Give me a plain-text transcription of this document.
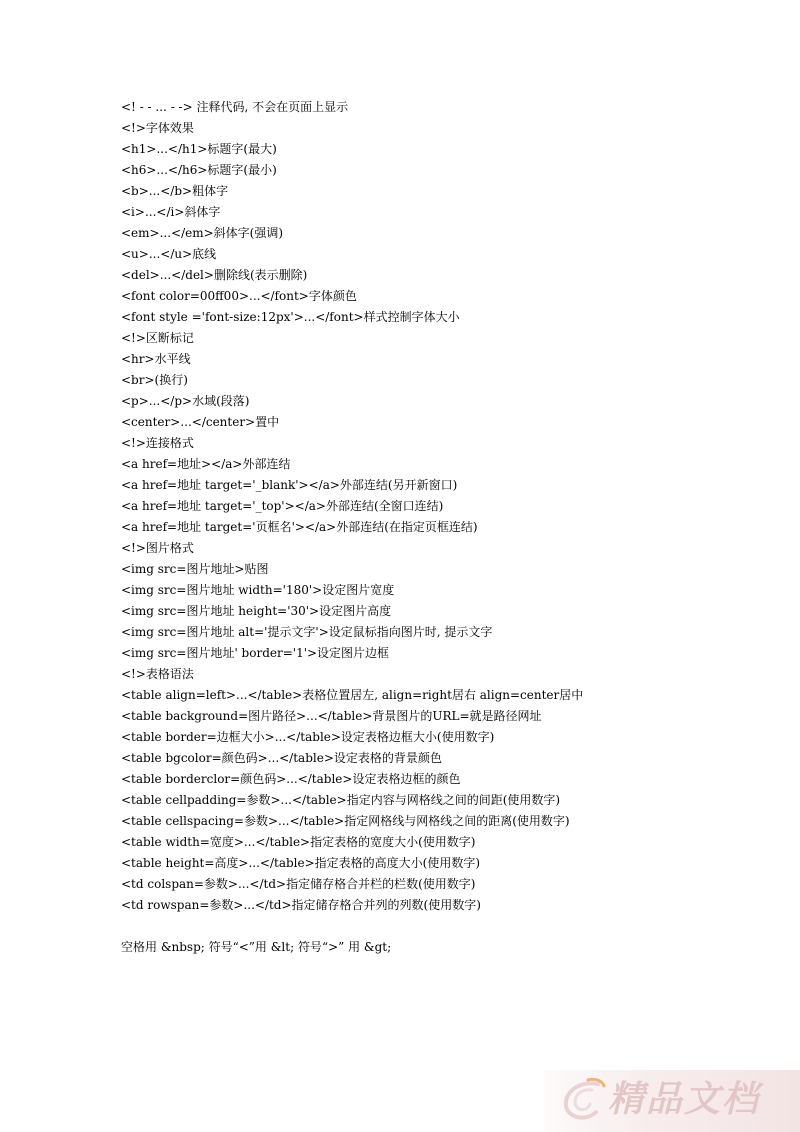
<! - - ... - -> 注释代码, 不会在页面上显示
<!>字体效果
<h1>...</h1>标题字(最大)
<h6>...</h6>标题字(最小)
<b>...</b>粗体字
<i>...</i>斜体字
<em>...</em>斜体字(强调)
<u>...</u>底线
<del>...</del>删除线(表示删除)
<font color=00ff00>...</font>字体颜色
<font style ='font-size:12px'>...</font>样式控制字体大小
<!>区断标记
<hr>水平线
<br>(换行)
<p>...</p>水域(段落)
<center>...</center>置中
<!>连接格式
<a href=地址></a>外部连结
<a href=地址 target='_blank'></a>外部连结(另开新窗口)
<a href=地址 target='_top'></a>外部连结(全窗口连结)
<a href=地址 target='页框名'></a>外部连结(在指定页框连结)
<!>图片格式
<img src=图片地址>贴图
<img src=图片地址 width='180'>设定图片宽度
<img src=图片地址 height='30'>设定图片高度
<img src=图片地址 alt='提示文字'>设定鼠标指向图片时, 提示文字
<img src=图片地址' border='1'>设定图片边框
<!>表格语法
<table align=left>...</table>表格位置居左, align=right居右 align=center居中
<table background=图片路径>...</table>背景图片的URL=就是路径网址
<table border=边框大小>...</table>设定表格边框大小(使用数字)
<table bgcolor=颜色码>...</table>设定表格的背景颜色
<table borderclor=颜色码>...</table>设定表格边框的颜色
<table cellpadding=参数>...</table>指定内容与网格线之间的间距(使用数字)
<table cellspacing=参数>...</table>指定网格线与网格线之间的距离(使用数字)
<table width=宽度>...</table>指定表格的宽度大小(使用数字)
<table height=高度>...</table>指定表格的高度大小(使用数字)
<td colspan=参数>...</td>指定储存格合并栏的栏数(使用数字)
<td rowspan=参数>...</td>指定储存格合并列的列数(使用数字)
空格用 &nbsp; 符号“<”用 &lt; 符号“>” 用 &gt;
精品文档
